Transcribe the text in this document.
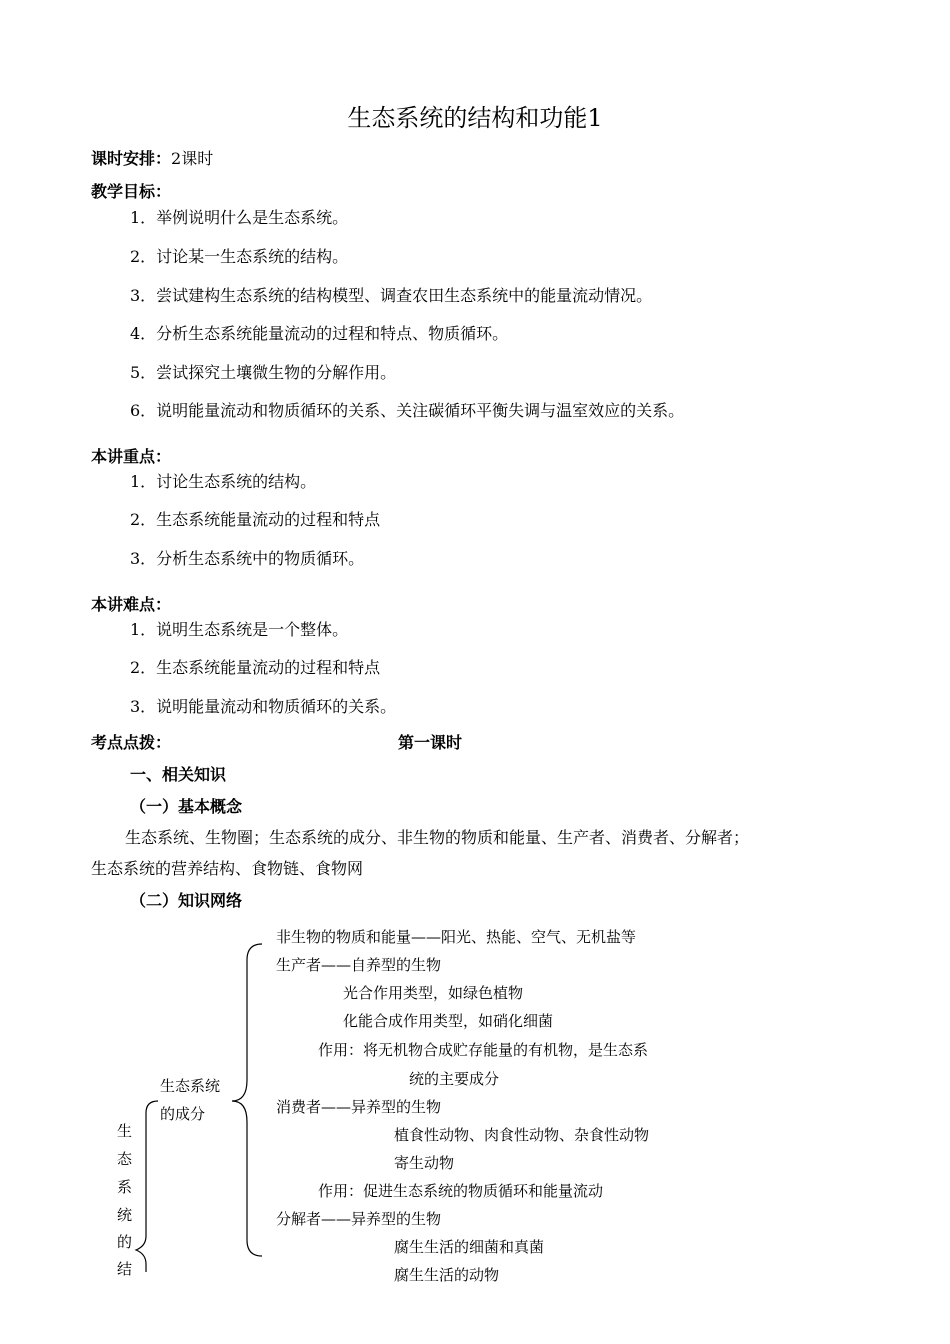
生态系统的结构和功能1
课时安排：2课时
教学目标：
1．举例说明什么是生态系统。
2．讨论某一生态系统的结构。
3．尝试建构生态系统的结构模型、调查农田生态系统中的能量流动情况。
4．分析生态系统能量流动的过程和特点、物质循环。
5．尝试探究土壤微生物的分解作用。
6．说明能量流动和物质循环的关系、关注碳循环平衡失调与温室效应的关系。
本讲重点：
1．讨论生态系统的结构。
2．生态系统能量流动的过程和特点
3．分析生态系统中的物质循环。
本讲难点：
1．说明生态系统是一个整体。
2．生态系统能量流动的过程和特点
3．说明能量流动和物质循环的关系。
考点点拨：	第一课时
一、相关知识
（一）基本概念
生态系统、生物圈；生态系统的成分、非生物的物质和能量、生产者、消费者、分解者；
生态系统的营养结构、食物链、食物网
（二）知识网络
生
态
系
统
的
结
生态系统
的成分
非生物的物质和能量——阳光、热能、空气、无机盐等
生产者——自养型的生物
光合作用类型，如绿色植物
化能合成作用类型，如硝化细菌
作用：将无机物合成贮存能量的有机物，是生态系
统的主要成分
消费者——异养型的生物
植食性动物、肉食性动物、杂食性动物
寄生动物
作用：促进生态系统的物质循环和能量流动
分解者——异养型的生物
腐生生活的细菌和真菌
腐生生活的动物
